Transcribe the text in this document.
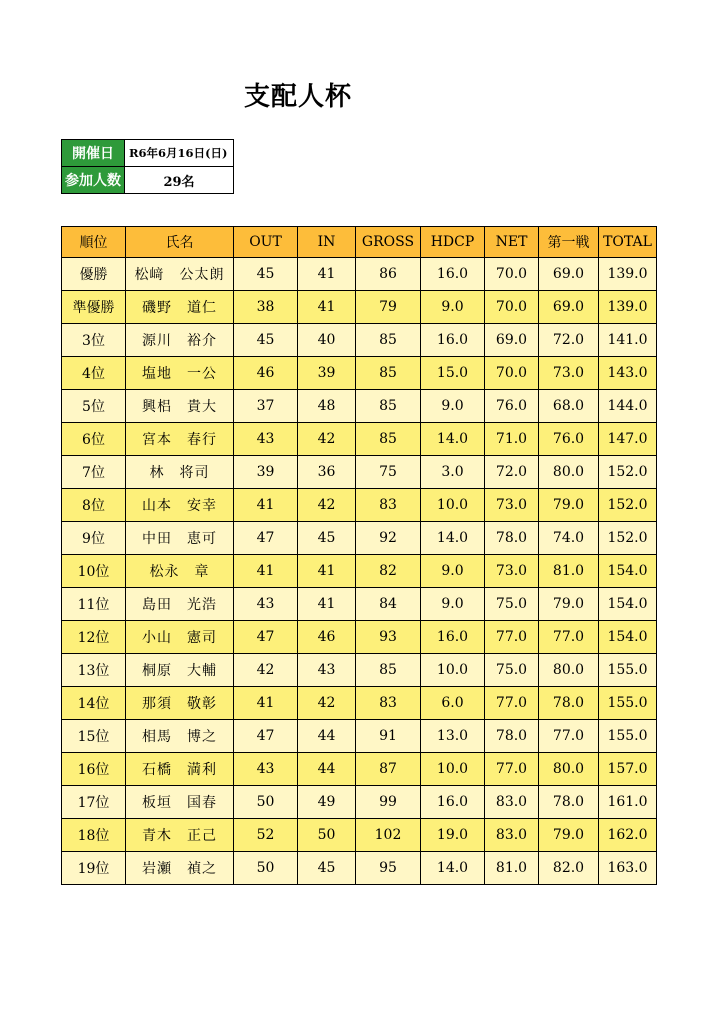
支配人杯
開催日	R6年6月16日(日)
参加人数	29名
順位	氏名	OUT	IN	GROSS	HDCP	NET	第一戦	TOTAL
優勝	松﨑　公太朗	45	41	86	16.0	70.0	69.0	139.0
準優勝	磯野　道仁	38	41	79	9.0	70.0	69.0	139.0
3位	源川　裕介	45	40	85	16.0	69.0	72.0	141.0
4位	塩地　一公	46	39	85	15.0	70.0	73.0	143.0
5位	興梠　貴大	37	48	85	9.0	76.0	68.0	144.0
6位	宮本　春行	43	42	85	14.0	71.0	76.0	147.0
7位	林　将司	39	36	75	3.0	72.0	80.0	152.0
8位	山本　安幸	41	42	83	10.0	73.0	79.0	152.0
9位	中田　恵可	47	45	92	14.0	78.0	74.0	152.0
10位	松永　章	41	41	82	9.0	73.0	81.0	154.0
11位	島田　光浩	43	41	84	9.0	75.0	79.0	154.0
12位	小山　憲司	47	46	93	16.0	77.0	77.0	154.0
13位	桐原　大輔	42	43	85	10.0	75.0	80.0	155.0
14位	那須　敬彰	41	42	83	6.0	77.0	78.0	155.0
15位	相馬　博之	47	44	91	13.0	78.0	77.0	155.0
16位	石橋　満利	43	44	87	10.0	77.0	80.0	157.0
17位	板垣　国春	50	49	99	16.0	83.0	78.0	161.0
18位	青木　正己	52	50	102	19.0	83.0	79.0	162.0
19位	岩瀬　禎之	50	45	95	14.0	81.0	82.0	163.0
